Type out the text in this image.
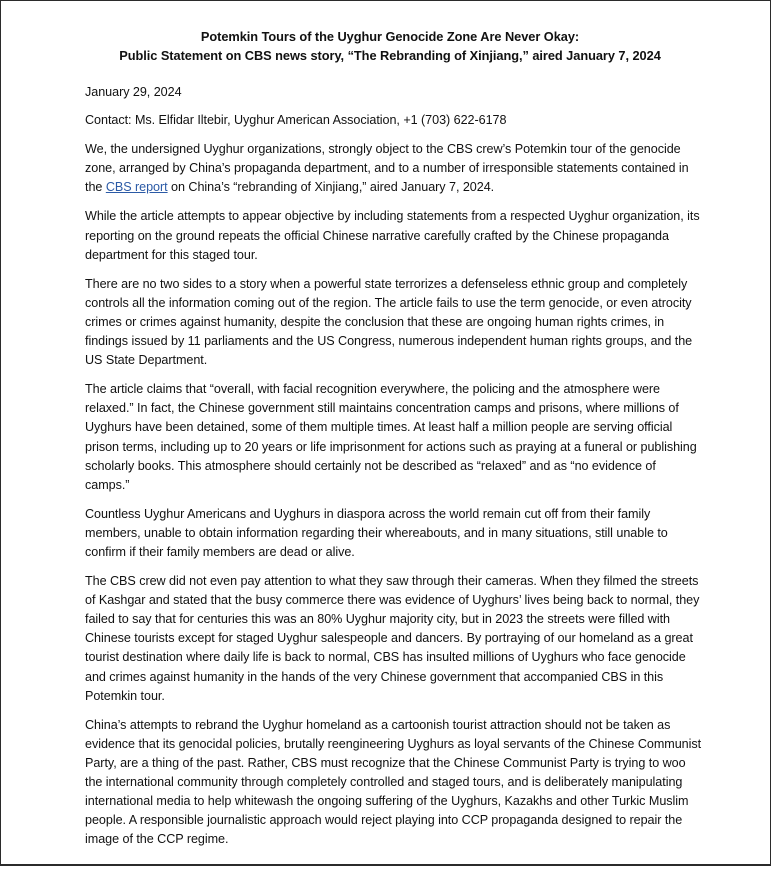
Potemkin Tours of the Uyghur Genocide Zone Are Never Okay:
Public Statement on CBS news story, “The Rebranding of Xinjiang,” aired January 7, 2024

January 29, 2024

Contact: Ms. Elfidar Iltebir, Uyghur American Association, +1 (703) 622-6178

We, the undersigned Uyghur organizations, strongly object to the CBS crew’s Potemkin tour of the genocide zone, arranged by China’s propaganda department, and to a number of irresponsible statements contained in the CBS report on China’s “rebranding of Xinjiang,” aired January 7, 2024.

While the article attempts to appear objective by including statements from a respected Uyghur organization, its reporting on the ground repeats the official Chinese narrative carefully crafted by the Chinese propaganda department for this staged tour.

There are no two sides to a story when a powerful state terrorizes a defenseless ethnic group and completely controls all the information coming out of the region. The article fails to use the term genocide, or even atrocity crimes or crimes against humanity, despite the conclusion that these are ongoing human rights crimes, in findings issued by 11 parliaments and the US Congress, numerous independent human rights groups, and the US State Department.

The article claims that “overall, with facial recognition everywhere, the policing and the atmosphere were relaxed.” In fact, the Chinese government still maintains concentration camps and prisons, where millions of Uyghurs have been detained, some of them multiple times. At least half a million people are serving official prison terms, including up to 20 years or life imprisonment for actions such as praying at a funeral or publishing scholarly books. This atmosphere should certainly not be described as “relaxed” and as “no evidence of camps.”

Countless Uyghur Americans and Uyghurs in diaspora across the world remain cut off from their family members, unable to obtain information regarding their whereabouts, and in many situations, still unable to confirm if their family members are dead or alive.

The CBS crew did not even pay attention to what they saw through their cameras. When they filmed the streets of Kashgar and stated that the busy commerce there was evidence of Uyghurs’ lives being back to normal, they failed to say that for centuries this was an 80% Uyghur majority city, but in 2023 the streets were filled with Chinese tourists except for staged Uyghur salespeople and dancers. By portraying of our homeland as a great tourist destination where daily life is back to normal, CBS has insulted millions of Uyghurs who face genocide and crimes against humanity in the hands of the very Chinese government that accompanied CBS in this Potemkin tour.

China’s attempts to rebrand the Uyghur homeland as a cartoonish tourist attraction should not be taken as evidence that its genocidal policies, brutally reengineering Uyghurs as loyal servants of the Chinese Communist Party, are a thing of the past. Rather, CBS must recognize that the Chinese Communist Party is trying to woo the international community through completely controlled and staged tours, and is deliberately manipulating international media to help whitewash the ongoing suffering of the Uyghurs, Kazakhs and other Turkic Muslim people. A responsible journalistic approach would reject playing into CCP propaganda designed to repair the image of the CCP regime.
